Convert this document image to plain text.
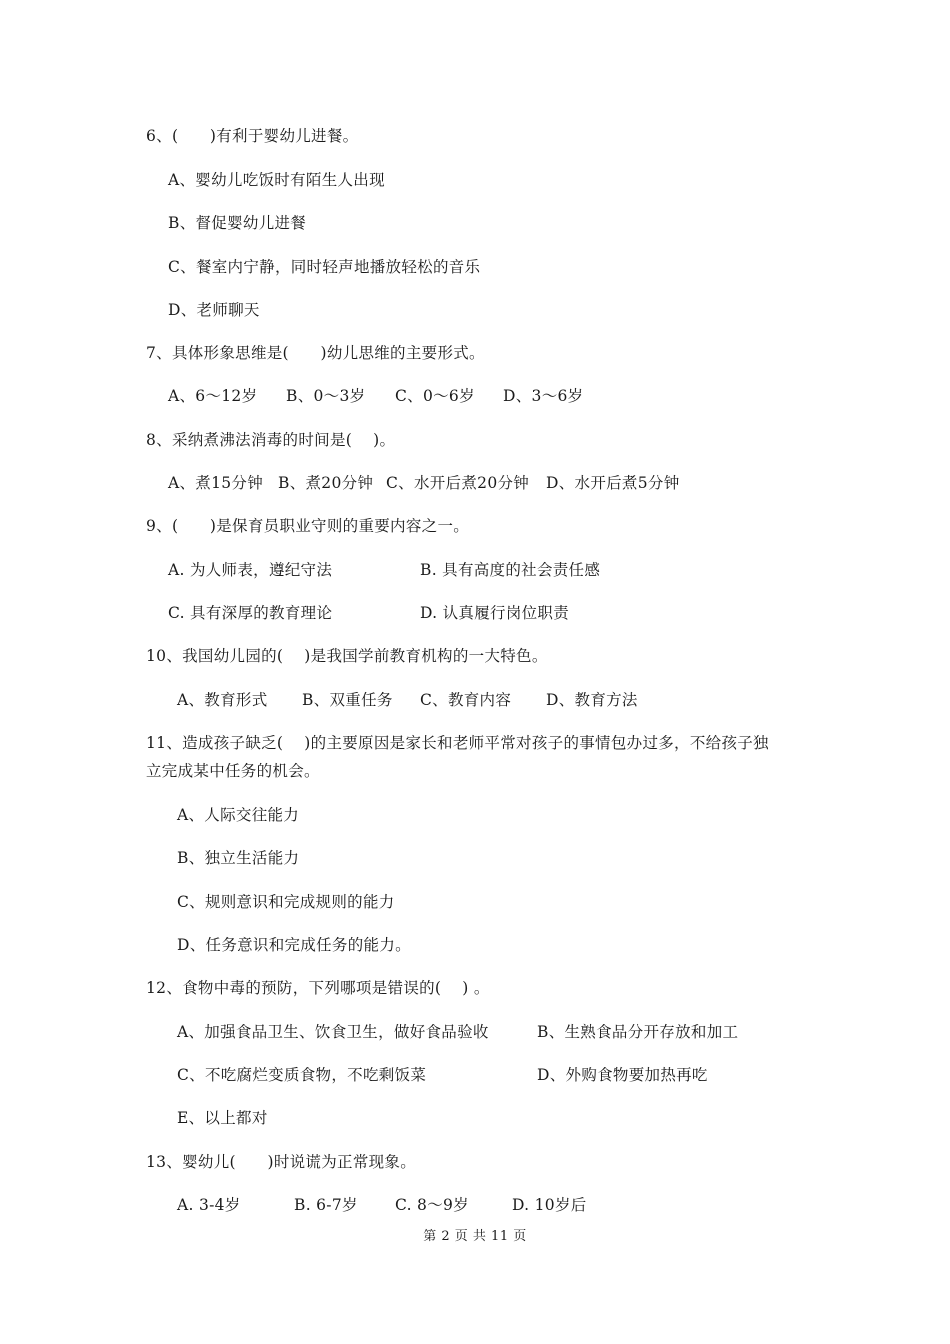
6、(　　)有利于婴幼儿进餐。
A、婴幼儿吃饭时有陌生人出现
B、督促婴幼儿进餐
C、餐室内宁静，同时轻声地播放轻松的音乐
D、老师聊天
7、具体形象思维是(　　)幼儿思维的主要形式。
A、6～12岁 B、0～3岁 C、0～6岁 D、3～6岁
8、采纳煮沸法消毒的时间是(　 )。
A、煮15分钟 B、煮20分钟 C、水开后煮20分钟 D、水开后煮5分钟
9、(　　)是保育员职业守则的重要内容之一。
A. 为人师表，遵纪守法	B. 具有高度的社会责任感
C. 具有深厚的教育理论	D. 认真履行岗位职责
10、我国幼儿园的(　 )是我国学前教育机构的一大特色。
A、教育形式 B、双重任务 C、教育内容 D、教育方法
11、造成孩子缺乏(　 )的主要原因是家长和老师平常对孩子的事情包办过多，不给孩子独
立完成某中任务的机会。
A、人际交往能力
B、独立生活能力
C、规则意识和完成规则的能力
D、任务意识和完成任务的能力。
12、食物中毒的预防，下列哪项是错误的(　 ) 。
A、加强食品卫生、饮食卫生，做好食品验收	B、生熟食品分开存放和加工
C、不吃腐烂变质食物，不吃剩饭菜	D、外购食物要加热再吃
E、以上都对
13、婴幼儿(　　)时说谎为正常现象。
A. 3-4岁	B. 6-7岁 C. 8～9岁	D. 10岁后
第 2 页 共 11 页
